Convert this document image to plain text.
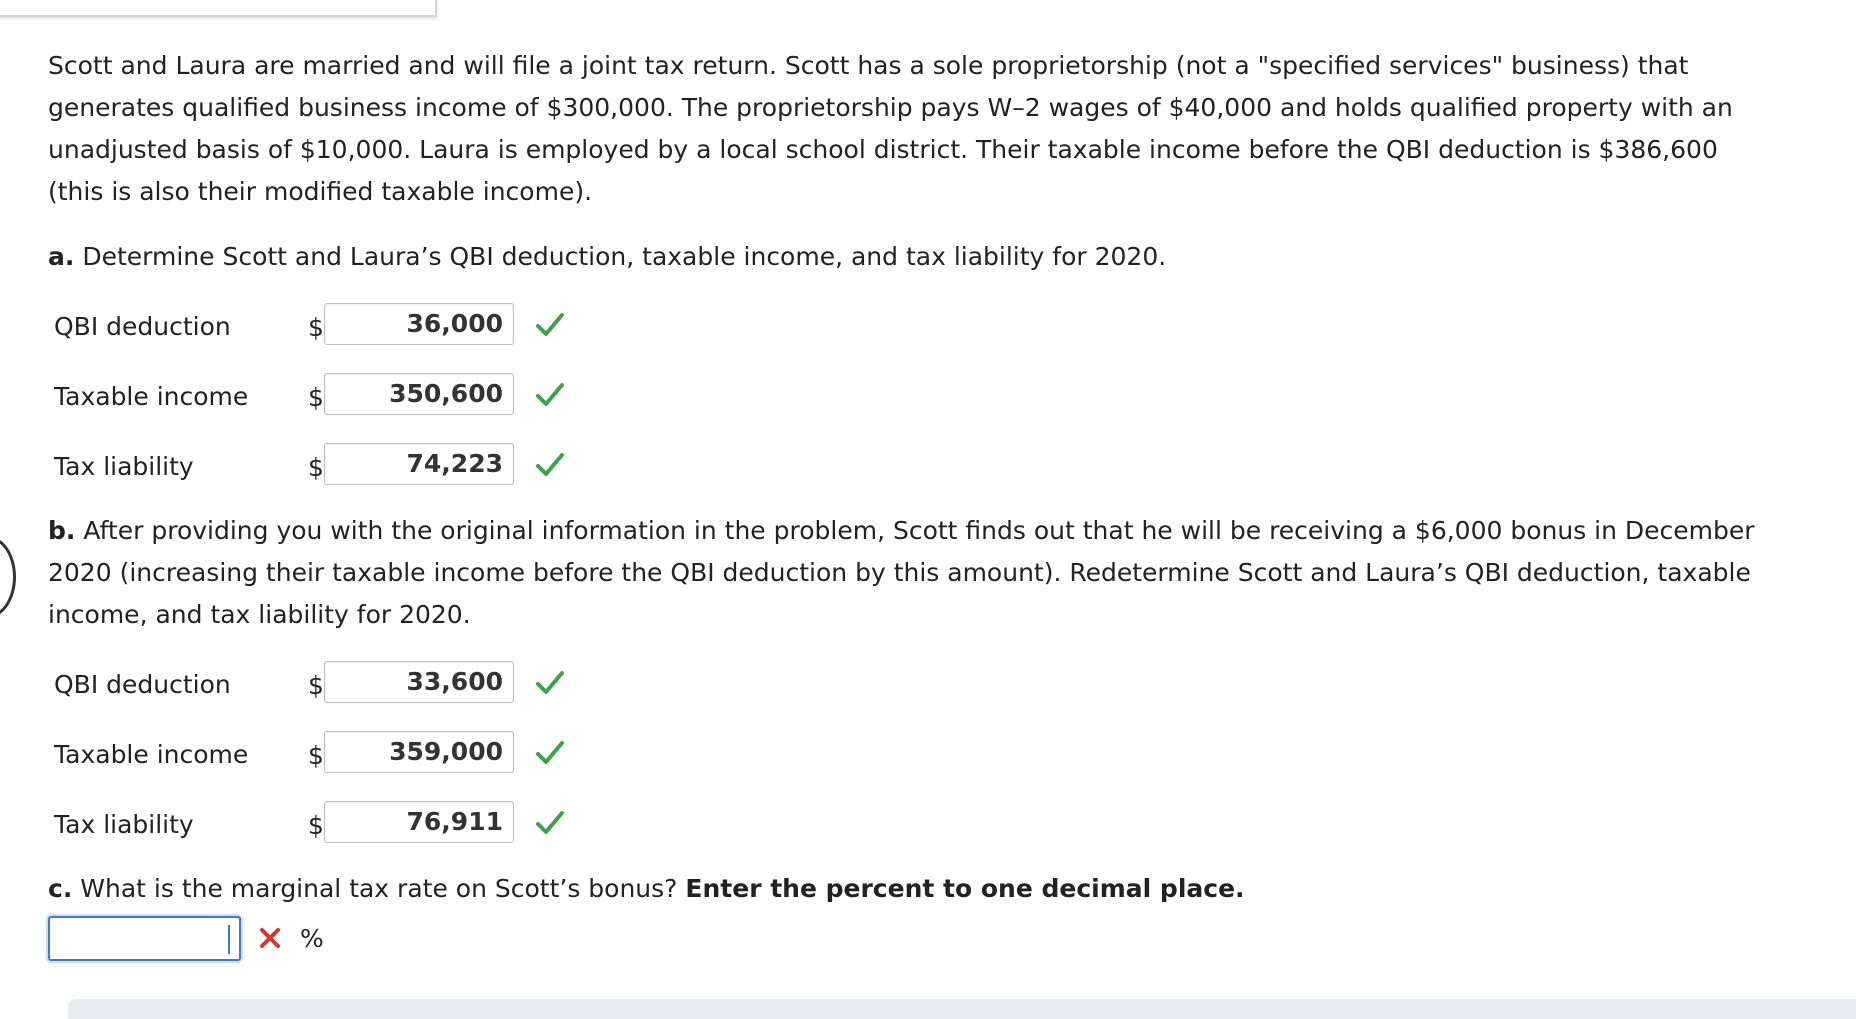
Scott and Laura are married and will file a joint tax return. Scott has a sole proprietorship (not a "specified services" business) that generates qualified business income of $300,000. The proprietorship pays W–2 wages of $40,000 and holds qualified property with an unadjusted basis of $10,000. Laura is employed by a local school district. Their taxable income before the QBI deduction is $386,600 (this is also their modified taxable income).

a. Determine Scott and Laura’s QBI deduction, taxable income, and tax liability for 2020.

QBI deduction	$	36,000
Taxable income $	350,600
Tax liability	$	74,223

b. After providing you with the original information in the problem, Scott finds out that he will be receiving a $6,000 bonus in December 2020 (increasing their taxable income before the QBI deduction by this amount). Redetermine Scott and Laura’s QBI deduction, taxable income, and tax liability for 2020.

QBI deduction	$	33,600
Taxable income $	359,000
Tax liability	$	76,911

c. What is the marginal tax rate on Scott’s bonus? Enter the percent to one decimal place.

%
